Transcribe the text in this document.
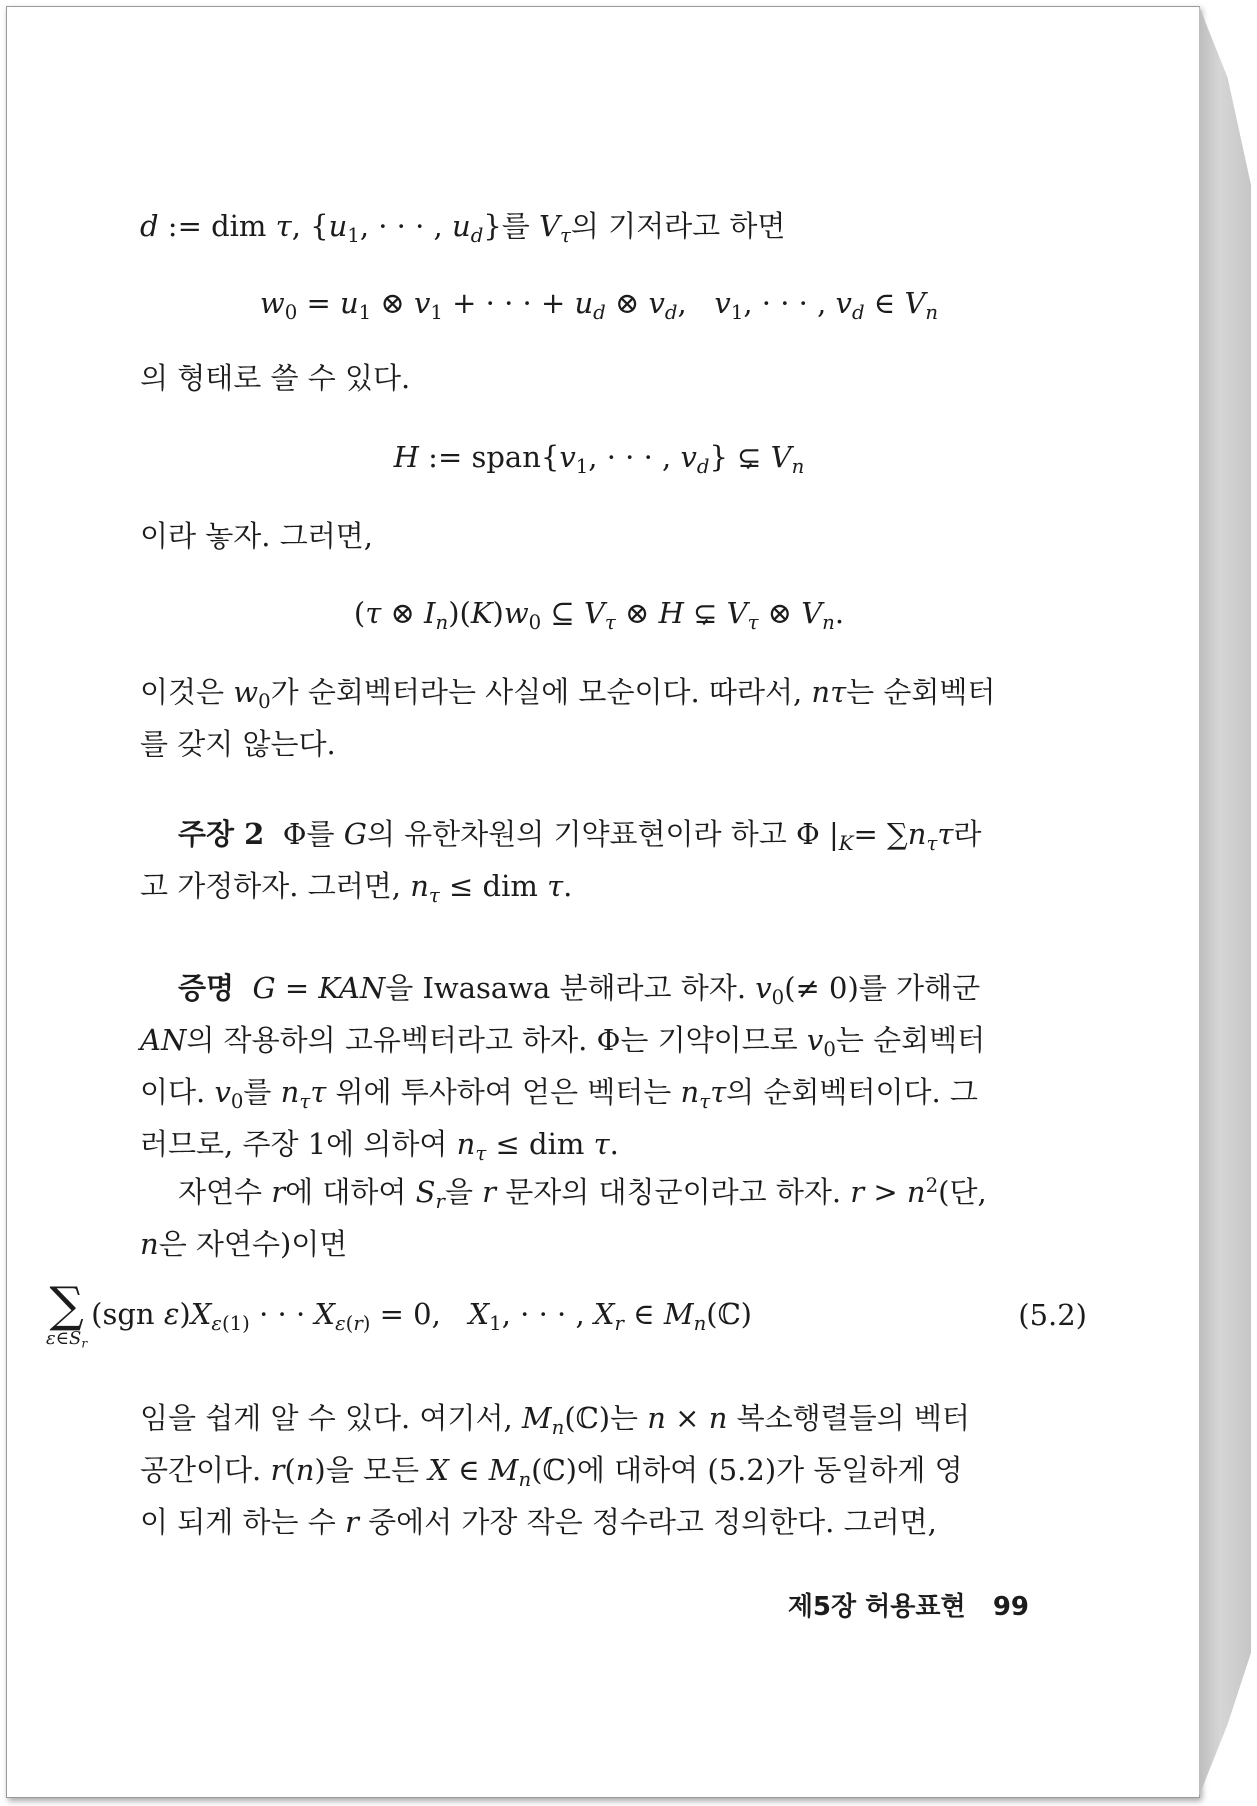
d := dim τ, {$u_1$, · · · , $u_d$}를 $V_\tau$의 기저라고 하면
$w_0 = u_1$ ⊗ $v_1$ + · · · + $u_d$ ⊗ $v_d$,   $v_1$, · · · , $v_d$ ∈ $V_n$
의 형태로 쓸 수 있다.
H := $span\{v_1$, · · · , $v_d$} ⊊ $V_n$
이라 놓자. 그러면,
(τ ⊗ $I_n)(K)w_0$ ⊆ $V_\tau$ ⊗ H ⊊ $V_\tau$ ⊗ $V_n$.
이것은 $w_0$가 순회벡터라는 사실에 모순이다. 따라서, nτ는 순회벡터
를 갖지 않는다.
주장 2  Φ를 G의 유한차원의 기약표현이라 하고 Φ $|_K= \sum n_\tau\tau$라
고 가정하자. 그러면, $n_\tau$ ≤ dim τ.
증명 G = KAN을 Iwasawa 분해라고 하자. $v_0(\ne 0)$를 가해군
AN의 작용하의 고유벡터라고 하자. Φ는 기약이므로 $v_0$는 순회벡터
이다. $v_0$를 $n_\tau\tau$ 위에 투사하여 얻은 벡터는 $n_\tau\tau$의 순회벡터이다. 그
러므로, 주장 1에 의하여 $n_\tau$ ≤ dim τ.
자연수 r에 대하여 $S_r$을 r 문자의 대칭군이라고 하자. $r > n^2$(단,
n은 자연수)이면
∑
$\varepsilon\in S_r$
(sgn $\varepsilon)X_{\varepsilon(1)}$ · · · $X_{\varepsilon(r)} = 0$,   $X_1$, · · · , $X_r$ ∈ $M_n(ℂ)$	(5.2)
임을 쉽게 알 수 있다. 여기서, $M_n(ℂ)$는 n × n 복소행렬들의 벡터
공간이다. r(n)을 모든 X ∈ $M_n(ℂ)$에 대하여 (5.2)가 동일하게 영
이 되게 하는 수 r 중에서 가장 작은 정수라고 정의한다. 그러면,
제5장 허용표현 99
